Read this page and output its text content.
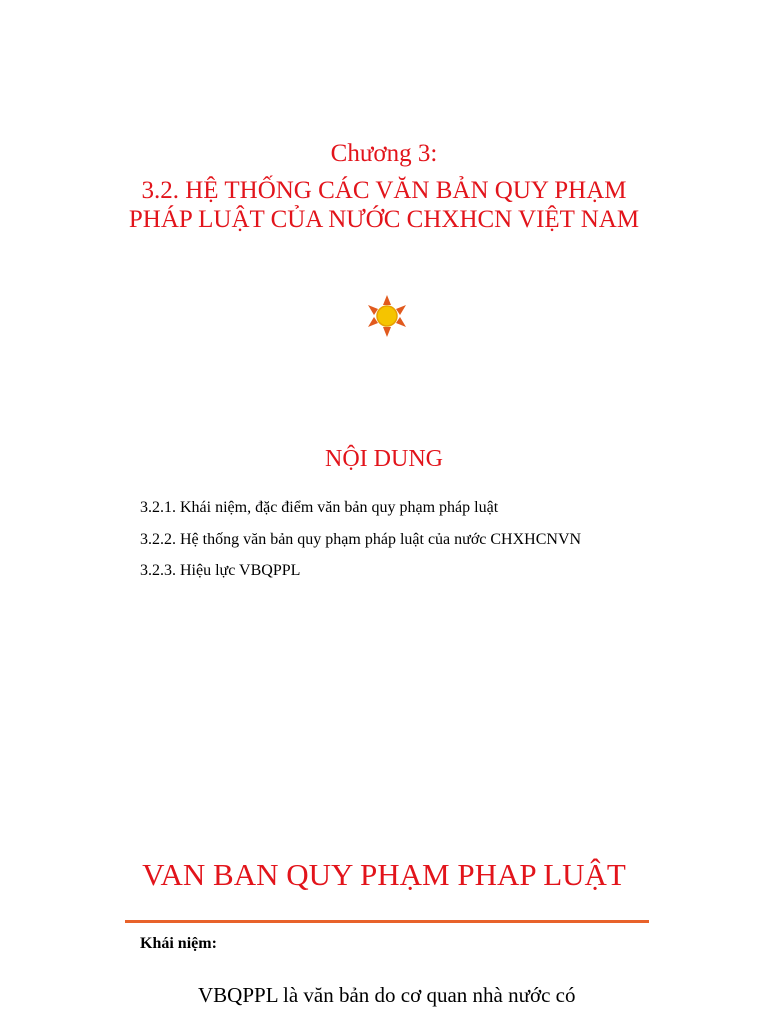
Chương 3:
3.2. HỆ THỐNG CÁC VĂN BẢN QUY PHẠM PHÁP LUẬT CỦA NƯỚC CHXHCN VIỆT NAM
NỘI DUNG
3.2.1. Khái niệm, đặc điểm văn bản quy phạm pháp luật
3.2.2. Hệ thống văn bản quy phạm pháp luật của nước CHXHCNVN
3.2.3. Hiệu lực VBQPPL
VAN BAN QUY PHẠM PHAP LUẬT
Khái niệm:
VBQPPL là văn bản do cơ quan nhà nước có
